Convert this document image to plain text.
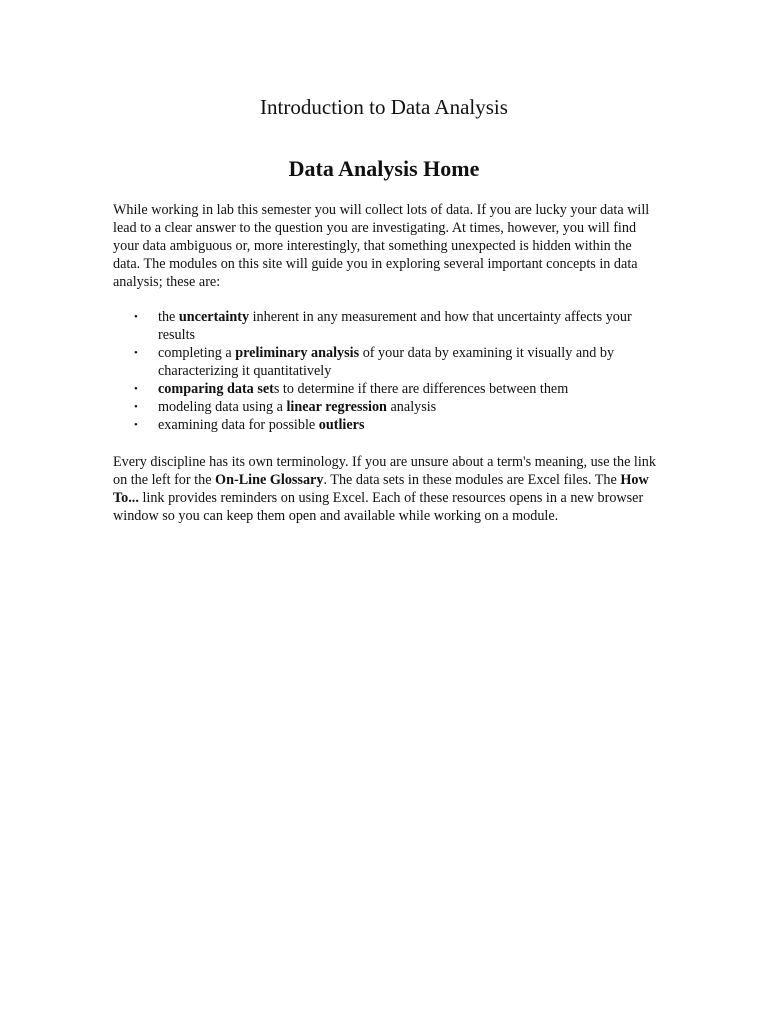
Introduction to Data Analysis
Data Analysis Home

While working in lab this semester you will collect lots of data. If you are lucky your data will lead to a clear answer to the question you are investigating. At times, however, you will find your data ambiguous or, more interestingly, that something unexpected is hidden within the data. The modules on this site will guide you in exploring several important concepts in data analysis; these are:

• the uncertainty inherent in any measurement and how that uncertainty affects your results
• completing a preliminary analysis of your data by examining it visually and by characterizing it quantitatively
• comparing data sets to determine if there are differences between them
• modeling data using a linear regression analysis
• examining data for possible outliers

Every discipline has its own terminology. If you are unsure about a term's meaning, use the link on the left for the On-Line Glossary. The data sets in these modules are Excel files. The How To... link provides reminders on using Excel. Each of these resources opens in a new browser window so you can keep them open and available while working on a module.
